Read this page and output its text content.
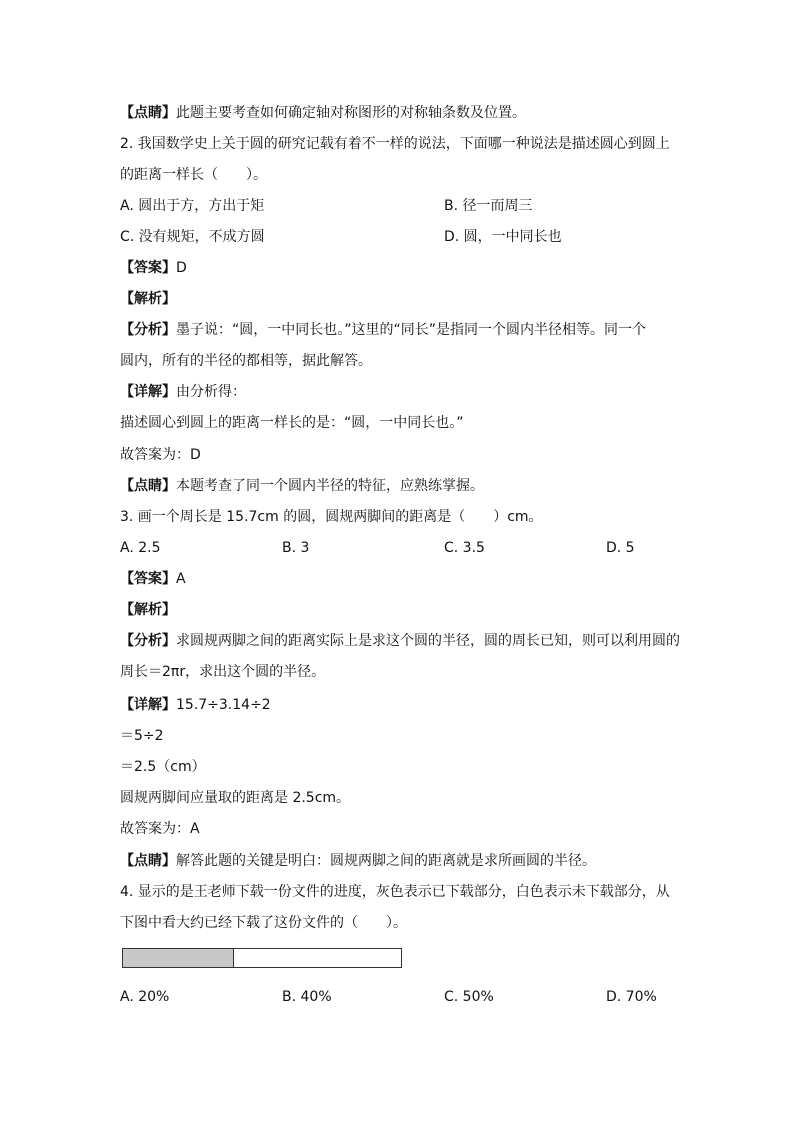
【点睛】此题主要考查如何确定轴对称图形的对称轴条数及位置。
2. 我国数学史上关于圆的研究记载有着不一样的说法，下面哪一种说法是描述圆心到圆上
的距离一样长（　　）。
A. 圆出于方，方出于矩	B. 径一而周三
C. 没有规矩，不成方圆	D. 圆，一中同长也
【答案】D
【解析】
【分析】墨子说：“圆，一中同长也。”这里的“同长”是指同一个圆内半径相等。同一个
圆内，所有的半径的都相等，据此解答。
【详解】由分析得：
描述圆心到圆上的距离一样长的是：“圆，一中同长也。”
故答案为：D
【点睛】本题考查了同一个圆内半径的特征，应熟练掌握。
3. 画一个周长是 15.7cm 的圆，圆规两脚间的距离是（　　）cm。
A. 2.5	B. 3	C. 3.5	D. 5
【答案】A
【解析】
【分析】求圆规两脚之间的距离实际上是求这个圆的半径，圆的周长已知，则可以利用圆的
周长＝2πr，求出这个圆的半径。
【详解】15.7÷3.14÷2
＝5÷2
＝2.5（cm）
圆规两脚间应量取的距离是 2.5cm。
故答案为：A
【点睛】解答此题的关键是明白：圆规两脚之间的距离就是求所画圆的半径。
4. 显示的是王老师下载一份文件的进度，灰色表示已下载部分，白色表示未下载部分，从
下图中看大约已经下载了这份文件的（　　）。
A. 20%	B. 40%	C. 50%	D. 70%
